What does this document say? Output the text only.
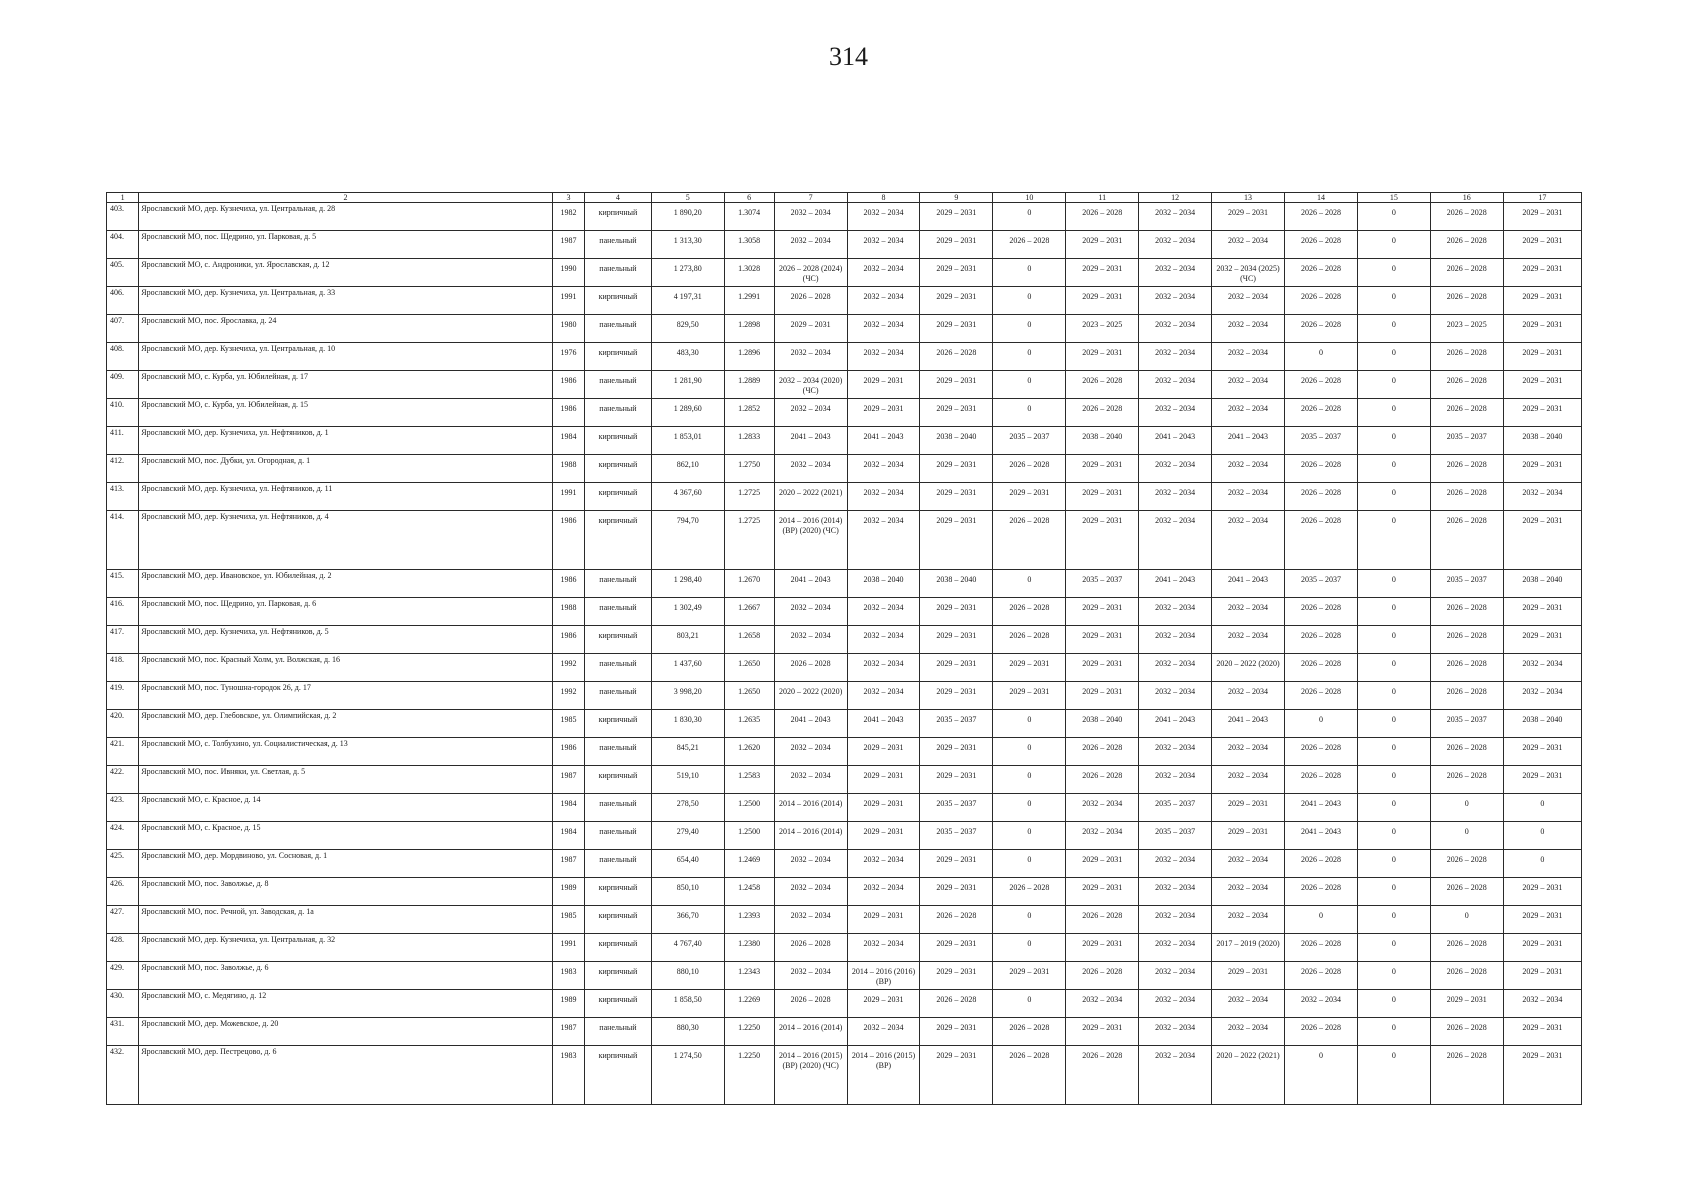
314
1	2	3	4	5	6	7	8	9	10	11	12	13	14	15	16	17
403.	Ярославский МО, дер. Кузнечиха, ул. Центральная, д. 28	1982	кирпичный	1 890,20	1.3074	2032 – 2034	2032 – 2034	2029 – 2031	0	2026 – 2028	2032 – 2034	2029 – 2031	2026 – 2028	0	2026 – 2028	2029 – 2031
404.	Ярославский МО, пос. Щедрино, ул. Парковая, д. 5	1987	панельный	1 313,30	1.3058	2032 – 2034	2032 – 2034	2029 – 2031	2026 – 2028	2029 – 2031	2032 – 2034	2032 – 2034	2026 – 2028	0	2026 – 2028	2029 – 2031
405.	Ярославский МО, с. Андроники, ул. Ярославская, д. 12	1990	панельный	1 273,80	1.3028	2026 – 2028 (2024) (ЧС)	2032 – 2034	2029 – 2031	0	2029 – 2031	2032 – 2034	2032 – 2034 (2025) (ЧС)	2026 – 2028	0	2026 – 2028	2029 – 2031
406.	Ярославский МО, дер. Кузнечиха, ул. Центральная, д. 33	1991	кирпичный	4 197,31	1.2991	2026 – 2028	2032 – 2034	2029 – 2031	0	2029 – 2031	2032 – 2034	2032 – 2034	2026 – 2028	0	2026 – 2028	2029 – 2031
407.	Ярославский МО, пос. Ярославка, д. 24	1980	панельный	829,50	1.2898	2029 – 2031	2032 – 2034	2029 – 2031	0	2023 – 2025	2032 – 2034	2032 – 2034	2026 – 2028	0	2023 – 2025	2029 – 2031
408.	Ярославский МО, дер. Кузнечиха, ул. Центральная, д. 10	1976	кирпичный	483,30	1.2896	2032 – 2034	2032 – 2034	2026 – 2028	0	2029 – 2031	2032 – 2034	2032 – 2034	0	0	2026 – 2028	2029 – 2031
409.	Ярославский МО, с. Курба, ул. Юбилейная, д. 17	1986	панельный	1 281,90	1.2889	2032 – 2034 (2020) (ЧС)	2029 – 2031	2029 – 2031	0	2026 – 2028	2032 – 2034	2032 – 2034	2026 – 2028	0	2026 – 2028	2029 – 2031
410.	Ярославский МО, с. Курба, ул. Юбилейная, д. 15	1986	панельный	1 289,60	1.2852	2032 – 2034	2029 – 2031	2029 – 2031	0	2026 – 2028	2032 – 2034	2032 – 2034	2026 – 2028	0	2026 – 2028	2029 – 2031
411.	Ярославский МО, дер. Кузнечиха, ул. Нефтяников, д. 1	1984	кирпичный	1 853,01	1.2833	2041 – 2043	2041 – 2043	2038 – 2040	2035 – 2037	2038 – 2040	2041 – 2043	2041 – 2043	2035 – 2037	0	2035 – 2037	2038 – 2040
412.	Ярославский МО, пос. Дубки, ул. Огородная, д. 1	1988	кирпичный	862,10	1.2750	2032 – 2034	2032 – 2034	2029 – 2031	2026 – 2028	2029 – 2031	2032 – 2034	2032 – 2034	2026 – 2028	0	2026 – 2028	2029 – 2031
413.	Ярославский МО, дер. Кузнечиха, ул. Нефтяников, д. 11	1991	кирпичный	4 367,60	1.2725	2020 – 2022 (2021)	2032 – 2034	2029 – 2031	2029 – 2031	2029 – 2031	2032 – 2034	2032 – 2034	2026 – 2028	0	2026 – 2028	2032 – 2034
414.	Ярославский МО, дер. Кузнечиха, ул. Нефтяников, д. 4	1986	кирпичный	794,70	1.2725	2014 – 2016 (2014) (ВР) (2020) (ЧС)	2032 – 2034	2029 – 2031	2026 – 2028	2029 – 2031	2032 – 2034	2032 – 2034	2026 – 2028	0	2026 – 2028	2029 – 2031
415.	Ярославский МО, дер. Ивановское, ул. Юбилейная, д. 2	1986	панельный	1 298,40	1.2670	2041 – 2043	2038 – 2040	2038 – 2040	0	2035 – 2037	2041 – 2043	2041 – 2043	2035 – 2037	0	2035 – 2037	2038 – 2040
416.	Ярославский МО, пос. Щедрино, ул. Парковая, д. 6	1988	панельный	1 302,49	1.2667	2032 – 2034	2032 – 2034	2029 – 2031	2026 – 2028	2029 – 2031	2032 – 2034	2032 – 2034	2026 – 2028	0	2026 – 2028	2029 – 2031
417.	Ярославский МО, дер. Кузнечиха, ул. Нефтяников, д. 5	1986	кирпичный	803,21	1.2658	2032 – 2034	2032 – 2034	2029 – 2031	2026 – 2028	2029 – 2031	2032 – 2034	2032 – 2034	2026 – 2028	0	2026 – 2028	2029 – 2031
418.	Ярославский МО, пос. Красный Холм, ул. Волжская, д. 16	1992	панельный	1 437,60	1.2650	2026 – 2028	2032 – 2034	2029 – 2031	2029 – 2031	2029 – 2031	2032 – 2034	2020 – 2022 (2020)	2026 – 2028	0	2026 – 2028	2032 – 2034
419.	Ярославский МО, пос. Туношна-городок 26, д. 17	1992	панельный	3 998,20	1.2650	2020 – 2022 (2020)	2032 – 2034	2029 – 2031	2029 – 2031	2029 – 2031	2032 – 2034	2032 – 2034	2026 – 2028	0	2026 – 2028	2032 – 2034
420.	Ярославский МО, дер. Глебовское, ул. Олимпийская, д. 2	1985	кирпичный	1 830,30	1.2635	2041 – 2043	2041 – 2043	2035 – 2037	0	2038 – 2040	2041 – 2043	2041 – 2043	0	0	2035 – 2037	2038 – 2040
421.	Ярославский МО, с. Толбухино, ул. Социалистическая, д. 13	1986	панельный	845,21	1.2620	2032 – 2034	2029 – 2031	2029 – 2031	0	2026 – 2028	2032 – 2034	2032 – 2034	2026 – 2028	0	2026 – 2028	2029 – 2031
422.	Ярославский МО, пос. Ивняки, ул. Светлая, д. 5	1987	кирпичный	519,10	1.2583	2032 – 2034	2029 – 2031	2029 – 2031	0	2026 – 2028	2032 – 2034	2032 – 2034	2026 – 2028	0	2026 – 2028	2029 – 2031
423.	Ярославский МО, с. Красное, д. 14	1984	панельный	278,50	1.2500	2014 – 2016 (2014)	2029 – 2031	2035 – 2037	0	2032 – 2034	2035 – 2037	2029 – 2031	2041 – 2043	0	0	0
424.	Ярославский МО, с. Красное, д. 15	1984	панельный	279,40	1.2500	2014 – 2016 (2014)	2029 – 2031	2035 – 2037	0	2032 – 2034	2035 – 2037	2029 – 2031	2041 – 2043	0	0	0
425.	Ярославский МО, дер. Мордвиново, ул. Сосновая, д. 1	1987	панельный	654,40	1.2469	2032 – 2034	2032 – 2034	2029 – 2031	0	2029 – 2031	2032 – 2034	2032 – 2034	2026 – 2028	0	2026 – 2028	0
426.	Ярославский МО, пос. Заволжье, д. 8	1989	кирпичный	850,10	1.2458	2032 – 2034	2032 – 2034	2029 – 2031	2026 – 2028	2029 – 2031	2032 – 2034	2032 – 2034	2026 – 2028	0	2026 – 2028	2029 – 2031
427.	Ярославский МО, пос. Речной, ул. Заводская, д. 1а	1985	кирпичный	366,70	1.2393	2032 – 2034	2029 – 2031	2026 – 2028	0	2026 – 2028	2032 – 2034	2032 – 2034	0	0	0	2029 – 2031
428.	Ярославский МО, дер. Кузнечиха, ул. Центральная, д. 32	1991	кирпичный	4 767,40	1.2380	2026 – 2028	2032 – 2034	2029 – 2031	0	2029 – 2031	2032 – 2034	2017 – 2019 (2020)	2026 – 2028	0	2026 – 2028	2029 – 2031
429.	Ярославский МО, пос. Заволжье, д. 6	1983	кирпичный	880,10	1.2343	2032 – 2034	2014 – 2016 (2016) (ВР)	2029 – 2031	2029 – 2031	2026 – 2028	2032 – 2034	2029 – 2031	2026 – 2028	0	2026 – 2028	2029 – 2031
430.	Ярославский МО, с. Медягино, д. 12	1989	кирпичный	1 858,50	1.2269	2026 – 2028	2029 – 2031	2026 – 2028	0	2032 – 2034	2032 – 2034	2032 – 2034	2032 – 2034	0	2029 – 2031	2032 – 2034
431.	Ярославский МО, дер. Можевское, д. 20	1987	панельный	880,30	1.2250	2014 – 2016 (2014)	2032 – 2034	2029 – 2031	2026 – 2028	2029 – 2031	2032 – 2034	2032 – 2034	2026 – 2028	0	2026 – 2028	2029 – 2031
432.	Ярославский МО, дер. Пестрецово, д. 6	1983	кирпичный	1 274,50	1.2250	2014 – 2016 (2015) (ВР) (2020) (ЧС)	2014 – 2016 (2015) (ВР)	2029 – 2031	2026 – 2028	2026 – 2028	2032 – 2034	2020 – 2022 (2021)	0	0	2026 – 2028	2029 – 2031
